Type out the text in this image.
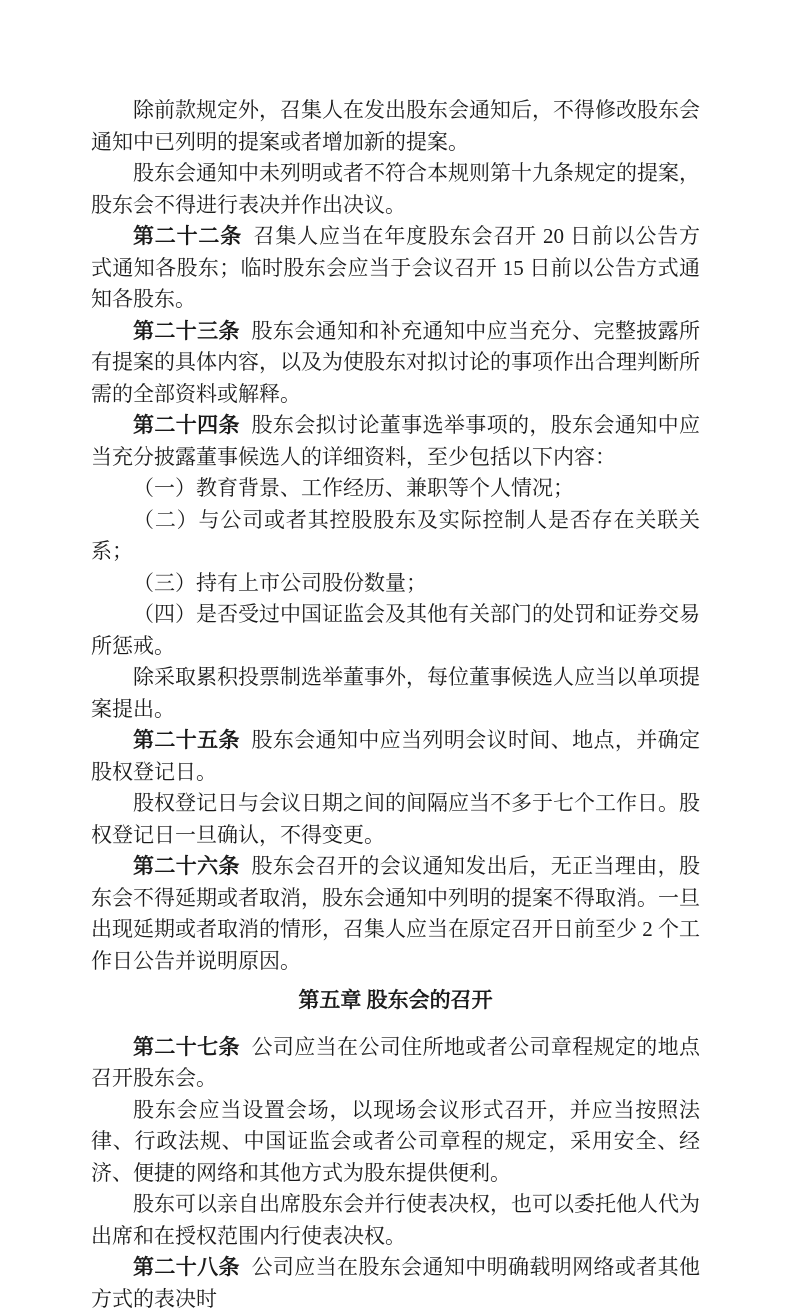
除前款规定外，召集人在发出股东会通知后，不得修改股东会通知中已列明的提案或者增加新的提案。

股东会通知中未列明或者不符合本规则第十九条规定的提案，股东会不得进行表决并作出决议。

第二十二条 召集人应当在年度股东会召开 20 日前以公告方式通知各股东；临时股东会应当于会议召开 15 日前以公告方式通知各股东。

第二十三条 股东会通知和补充通知中应当充分、完整披露所有提案的具体内容，以及为使股东对拟讨论的事项作出合理判断所需的全部资料或解释。

第二十四条 股东会拟讨论董事选举事项的，股东会通知中应当充分披露董事候选人的详细资料，至少包括以下内容：

（一）教育背景、工作经历、兼职等个人情况；

（二）与公司或者其控股股东及实际控制人是否存在关联关系；

（三）持有上市公司股份数量；

（四）是否受过中国证监会及其他有关部门的处罚和证券交易所惩戒。

除采取累积投票制选举董事外，每位董事候选人应当以单项提案提出。

第二十五条 股东会通知中应当列明会议时间、地点，并确定股权登记日。

股权登记日与会议日期之间的间隔应当不多于七个工作日。股权登记日一旦确认，不得变更。

第二十六条 股东会召开的会议通知发出后，无正当理由，股东会不得延期或者取消，股东会通知中列明的提案不得取消。一旦出现延期或者取消的情形，召集人应当在原定召开日前至少 2 个工作日公告并说明原因。

第五章 股东会的召开

第二十七条 公司应当在公司住所地或者公司章程规定的地点召开股东会。

股东会应当设置会场，以现场会议形式召开，并应当按照法律、行政法规、中国证监会或者公司章程的规定，采用安全、经济、便捷的网络和其他方式为股东提供便利。

股东可以亲自出席股东会并行使表决权，也可以委托他人代为出席和在授权范围内行使表决权。

第二十八条 公司应当在股东会通知中明确载明网络或者其他方式的表决时
